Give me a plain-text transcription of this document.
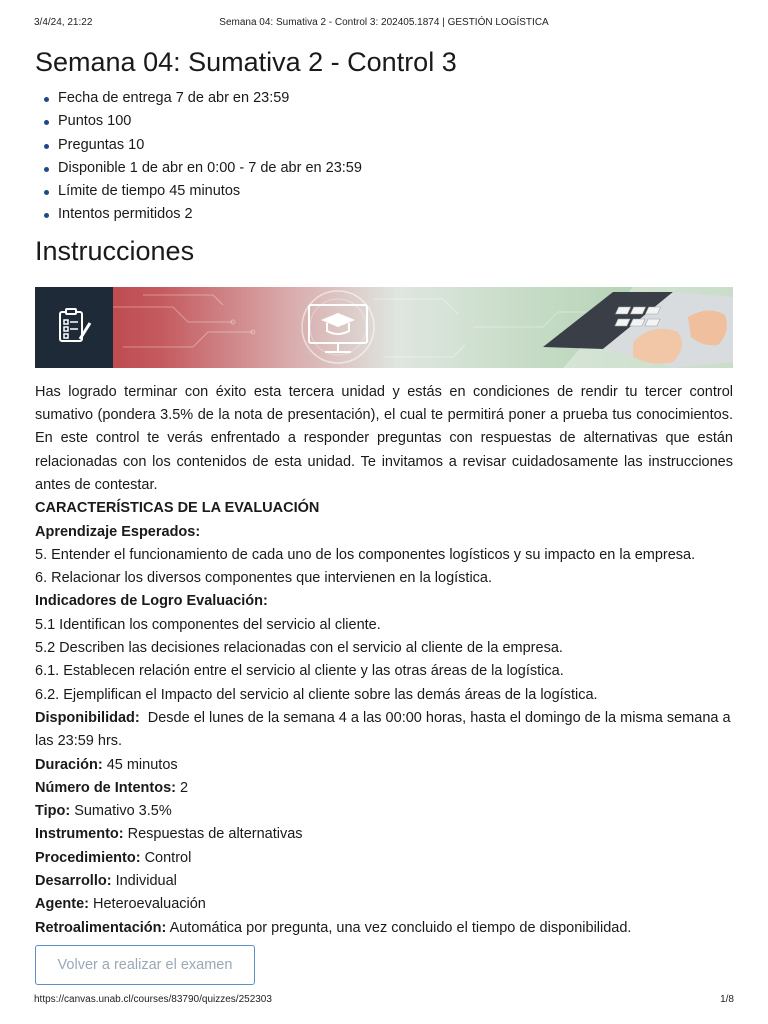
3/4/24, 21:22	Semana 04: Sumativa 2 - Control 3: 202405.1874 | GESTIÓN LOGÍSTICA
Semana 04: Sumativa 2 - Control 3
Fecha de entrega 7 de abr en 23:59
Puntos 100
Preguntas 10
Disponible 1 de abr en 0:00 - 7 de abr en 23:59
Límite de tiempo 45 minutos
Intentos permitidos 2
Instrucciones

Has logrado terminar con éxito esta tercera unidad y estás en condiciones de rendir tu tercer control sumativo (pondera 3.5% de la nota de presentación), el cual te permitirá poner a prueba tus conocimientos. En este control te verás enfrentado a responder preguntas con respuestas de alternativas que están relacionadas con los contenidos de esta unidad. Te invitamos a revisar cuidadosamente las instrucciones antes de contestar.

CARACTERÍSTICAS DE LA EVALUACIÓN
Aprendizaje Esperados:
5. Entender el funcionamiento de cada uno de los componentes logísticos y su impacto en la empresa.
6. Relacionar los diversos componentes que intervienen en la logística.
Indicadores de Logro Evaluación:
5.1 Identifican los componentes del servicio al cliente.
5.2 Describen las decisiones relacionadas con el servicio al cliente de la empresa.
6.1. Establecen relación entre el servicio al cliente y las otras áreas de la logística.
6.2. Ejemplifican el Impacto del servicio al cliente sobre las demás áreas de la logística.
Disponibilidad:  Desde el lunes de la semana 4 a las 00:00 horas, hasta el domingo de la misma semana a las 23:59 hrs.
Duración: 45 minutos
Número de Intentos: 2
Tipo: Sumativo 3.5%
Instrumento: Respuestas de alternativas
Procedimiento: Control
Desarrollo: Individual
Agente: Heteroevaluación
Retroalimentación: Automática por pregunta, una vez concluido el tiempo de disponibilidad.
Volver a realizar el examen
https://canvas.unab.cl/courses/83790/quizzes/252303	1/8
